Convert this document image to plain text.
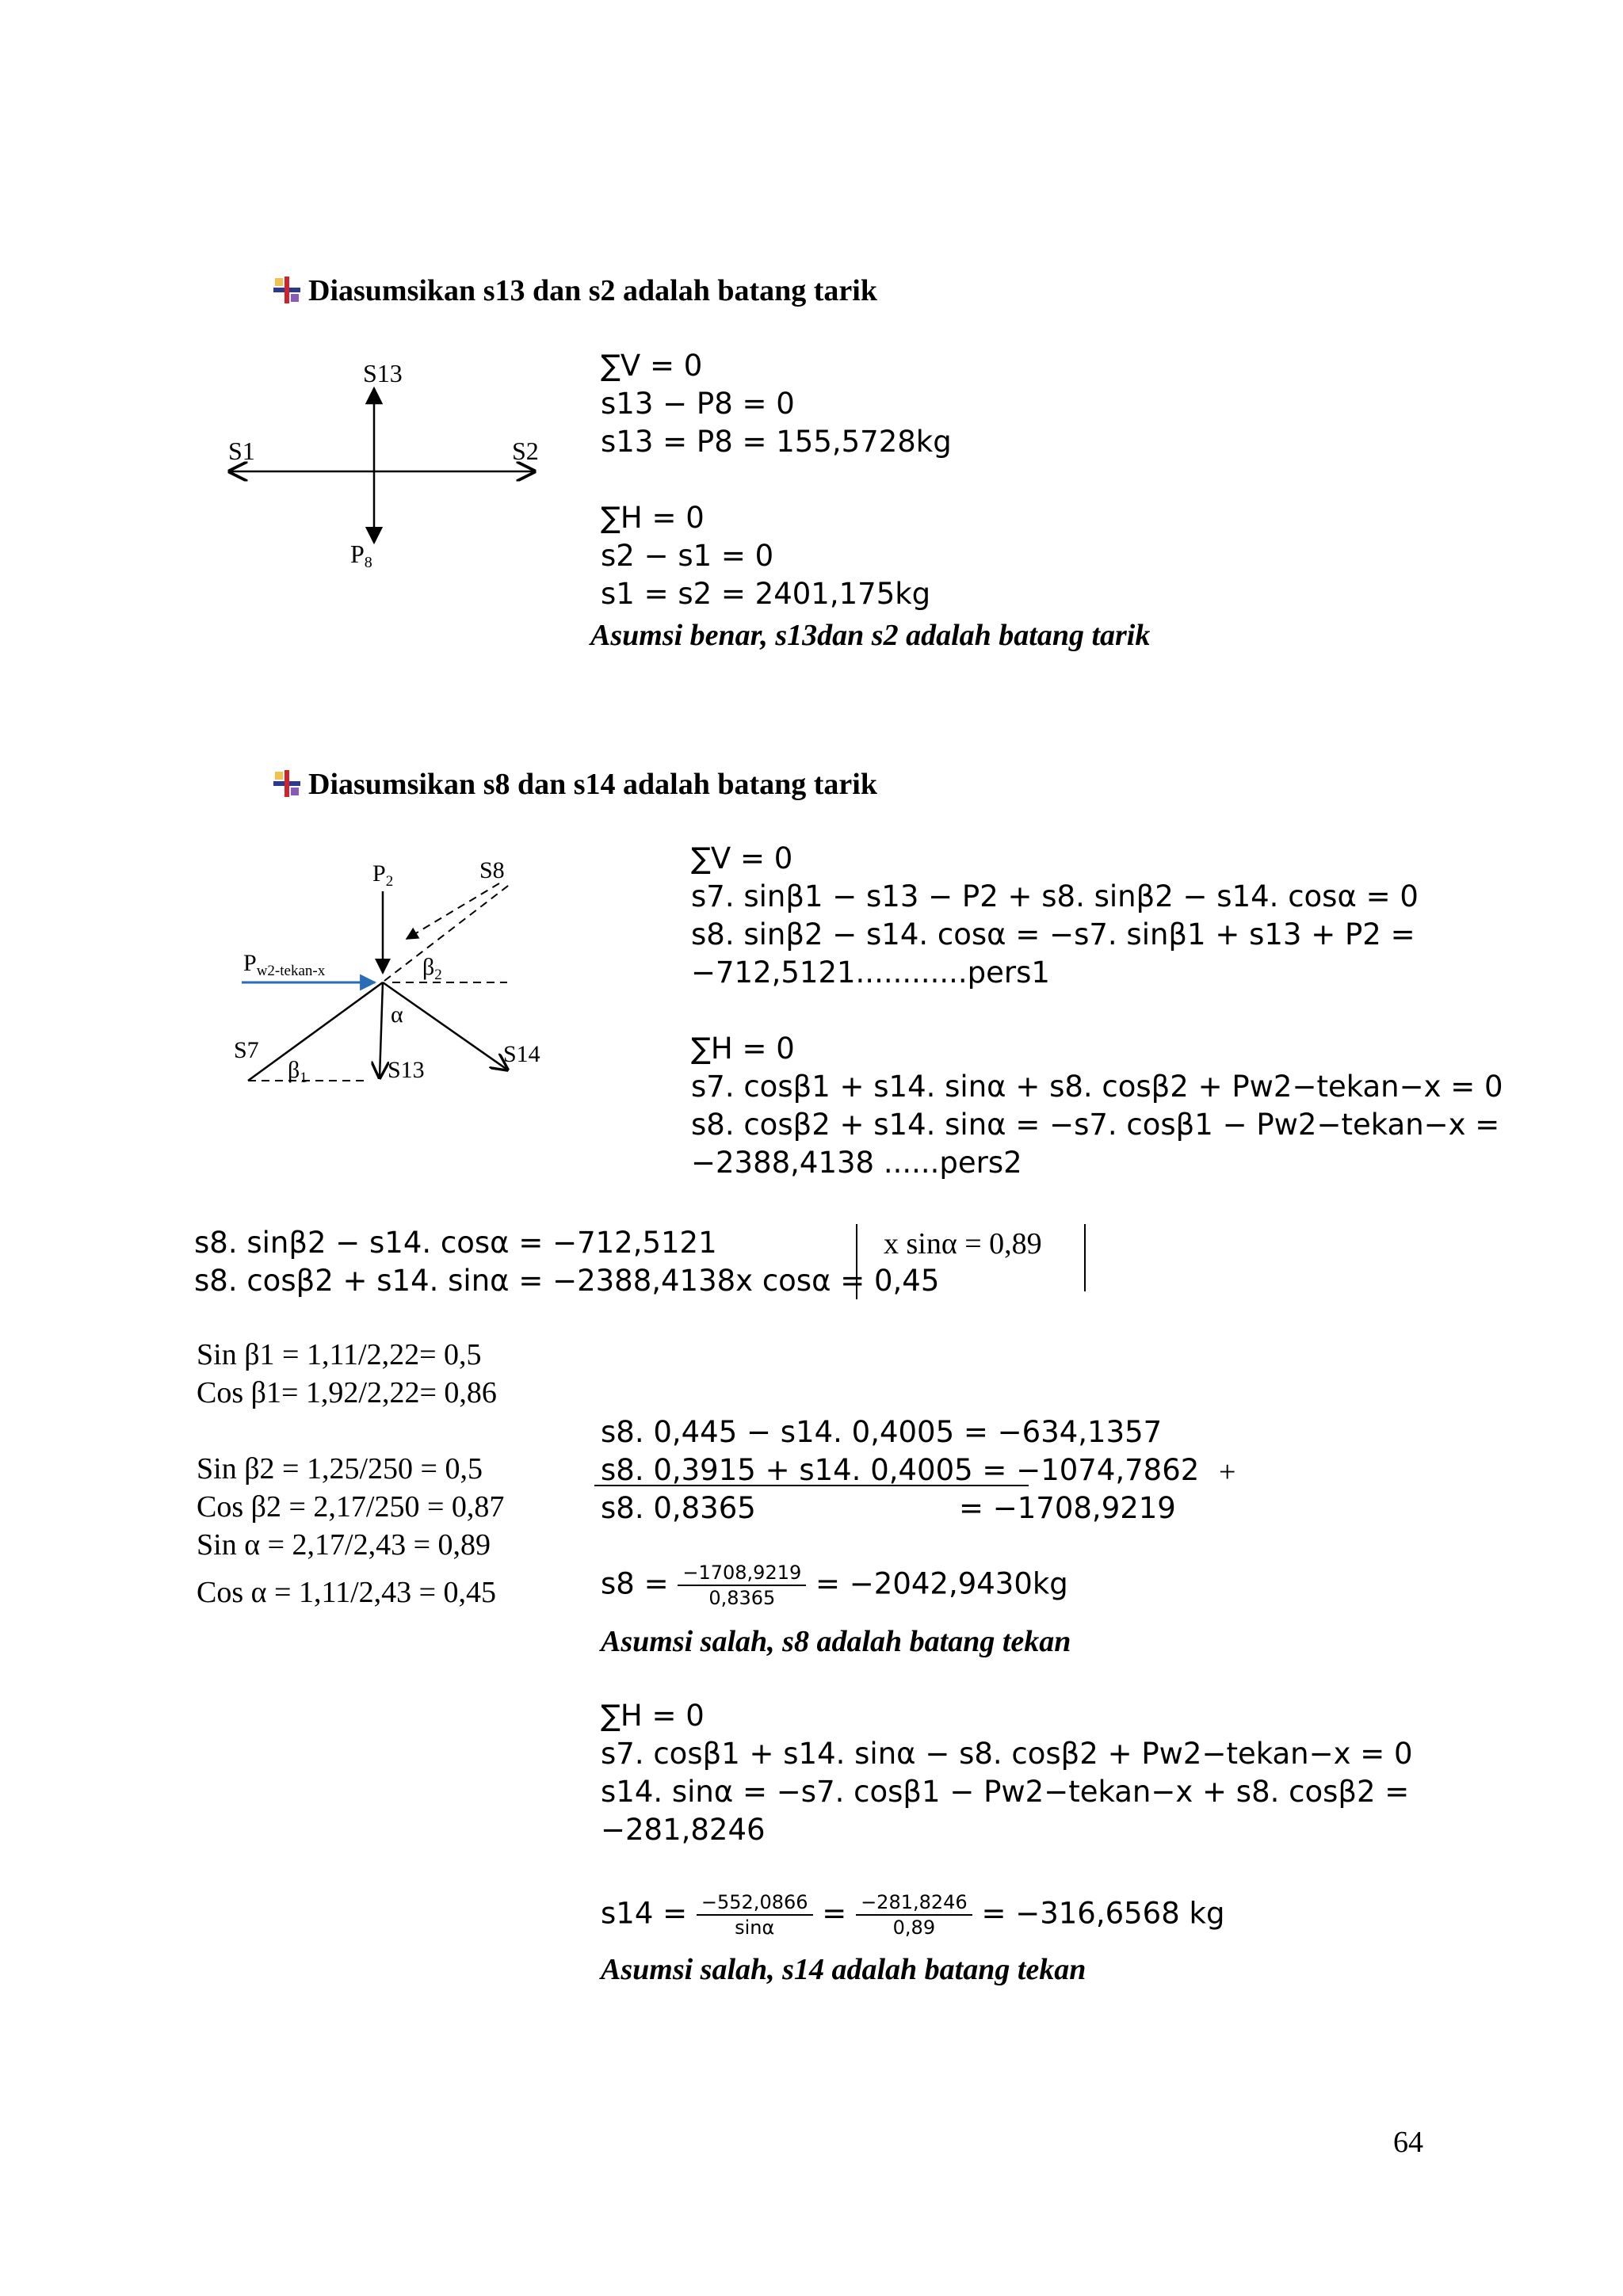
Diasumsikan s13 dan s2 adalah batang tarik
S13
S1	S2
P8
∑V = 0
s13 − P8 = 0
s13 = P8 = 155,5728kg
∑H = 0
s2 − s1 = 0
s1 = s2 = 2401,175kg
Asumsi benar, s13dan s2 adalah batang tarik
Diasumsikan s8 dan s14 adalah batang tarik
$P_2$	S8
$P_{w2-tekan-x}$	$\beta_2$
α
S7
$\beta_1$	S13
S14
∑V = 0
s7. sinβ1 − s13 − P2 + s8. sinβ2 − s14. cosα = 0
s8. sinβ2 − s14. cosα = −s7. sinβ1 + s13 + P2 =
−712,5121............pers1
∑H = 0
s7. cosβ1 + s14. sinα + s8. cosβ2 + Pw2−tekan−x = 0
s8. cosβ2 + s14. sinα = −s7. cosβ1 − Pw2−tekan−x =
−2388,4138 ......pers2
s8. sinβ2 − s14. cosα = −712,5121
s8. cosβ2 + s14. sinα = −2388,4138x cosα = 0,45
x sinα = 0,89
Sin β1 = 1,11/2,22= 0,5
Cos β1= 1,92/2,22= 0,86
Sin β2 = 1,25/250 = 0,5
Cos β2 = 2,17/250 = 0,87
Sin α = 2,17/2,43 = 0,89
Cos α = 1,11/2,43 = 0,45
s8. 0,445 − s14. 0,4005 = −634,1357
s8. 0,3915 + s14. 0,4005 = −1074,7862 +
s8. 0,8365	= −1708,9219
$s8 = \frac{-1708,9219}{0,8365} = -2042,9430kg$
Asumsi salah, s8 adalah batang tekan
∑H = 0
s7. cosβ1 + s14. sinα − s8. cosβ2 + Pw2−tekan−x = 0
s14. sinα = −s7. cosβ1 − Pw2−tekan−x + s8. cosβ2 =
−281,8246
$s14 = \frac{-552,0866}{\sin\alpha} = \frac{-281,8246}{0,89} = -316,6568$ kg
Asumsi salah, s14 adalah batang tekan
64
